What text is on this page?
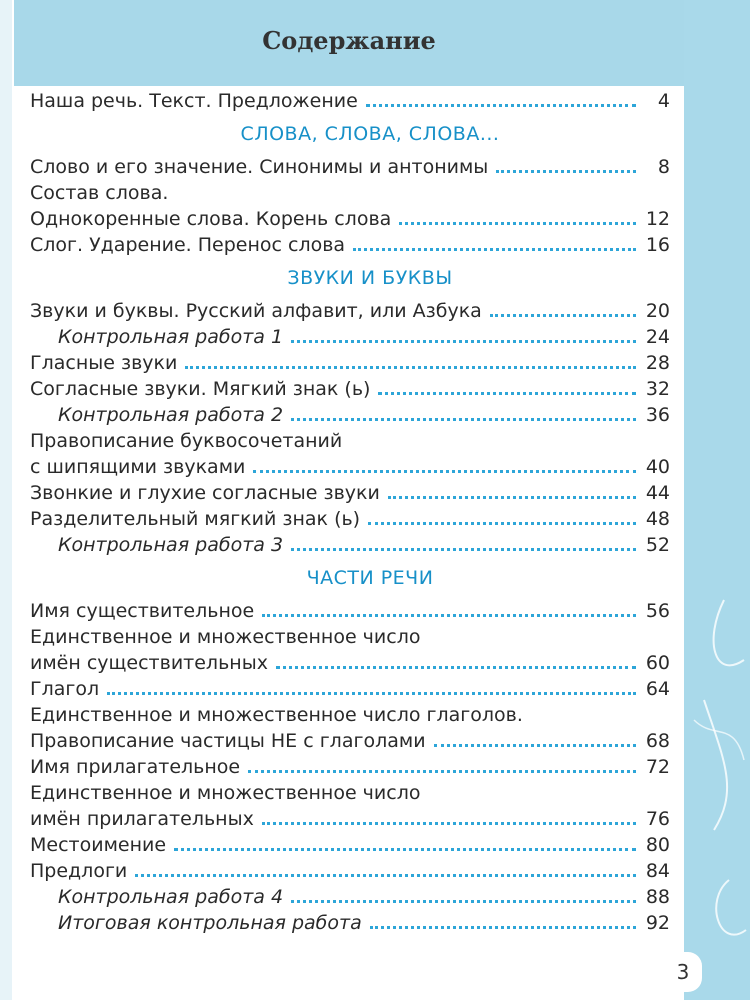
Содержание
Наша речь. Текст. Предложение	4
СЛОВА, СЛОВА, СЛОВА...
Слово и его значение. Синонимы и антонимы	8
Состав слова.
Однокоренные слова. Корень слова	12
Слог. Ударение. Перенос слова	16
ЗВУКИ И БУКВЫ
Звуки и буквы. Русский алфавит, или Азбука	20
Контрольная работа 1	24
Гласные звуки	28
Согласные звуки. Мягкий знак (ь)	32
Контрольная работа 2	36
Правописание буквосочетаний
с шипящими звуками	40
Звонкие и глухие согласные звуки	44
Разделительный мягкий знак (ь)	48
Контрольная работа 3	52
ЧАСТИ РЕЧИ
Имя существительное	56
Единственное и множественное число
имён существительных	60
Глагол	64
Единственное и множественное число глаголов.
Правописание частицы НЕ с глаголами	68
Имя прилагательное	72
Единственное и множественное число
имён прилагательных	76
Местоимение	80
Предлоги	84
Контрольная работа 4	88
Итоговая контрольная работа	92
3
